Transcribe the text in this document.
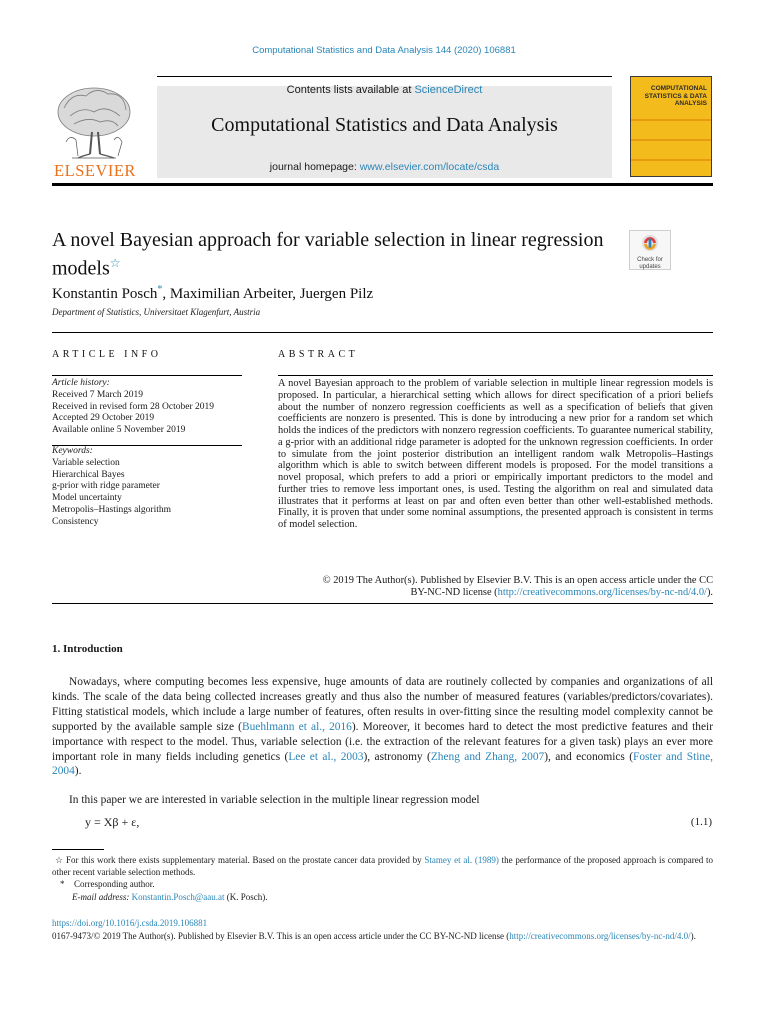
Computational Statistics and Data Analysis 144 (2020) 106881
Contents lists available at ScienceDirect
Computational Statistics and Data Analysis
journal homepage: www.elsevier.com/locate/csda
ELSEVIER
COMPUTATIONAL STATISTICS & DATA ANALYSIS
A novel Bayesian approach for variable selection in linear regression models☆	Check for
updates
Konstantin Posch*, Maximilian Arbeiter, Juergen Pilz
Department of Statistics, Universitaet Klagenfurt, Austria
ARTICLE INFO	ABSTRACT
Article history:
Received 7 March 2019
Received in revised form 28 October 2019
Accepted 29 October 2019
Available online 5 November 2019
Keywords:
Variable selection
Hierarchical Bayes
g-prior with ridge parameter
Model uncertainty
Metropolis–Hastings algorithm
Consistency
A novel Bayesian approach to the problem of variable selection in multiple linear regression models is proposed. In particular, a hierarchical setting which allows for direct specification of a priori beliefs about the number of nonzero regression coefficients as well as a specification of beliefs that given coefficients are nonzero is presented. This is done by introducing a new prior for a random set which holds the indices of the predictors with nonzero regression coefficients. To guarantee numerical stability, a g-prior with an additional ridge parameter is adopted for the unknown regression coefficients. In order to simulate from the joint posterior distribution an intelligent random walk Metropolis–Hastings algorithm which is able to switch between different models is proposed. For the model transitions a novel proposal, which prefers to add a priori or empirically important predictors to the model and further tries to remove less important ones, is used. Testing the algorithm on real and simulated data illustrates that it performs at least on par and often even better than other well-established methods. Finally, it is proven that under some nominal assumptions, the presented approach is consistent in terms of model selection.
© 2019 The Author(s). Published by Elsevier B.V. This is an open access article under the CC
BY-NC-ND license (http://creativecommons.org/licenses/by-nc-nd/4.0/).
1. Introduction
Nowadays, where computing becomes less expensive, huge amounts of data are routinely collected by companies and organizations of all kinds. The scale of the data being collected increases greatly and thus also the number of measured features (variables/predictors/covariates). Fitting statistical models, which include a large number of features, often results in over-fitting since the resulting model complexity cannot be supported by the available sample size (Buehlmann et al., 2016). Moreover, it becomes hard to detect the most predictive features and their importance with respect to the model. Thus, variable selection (i.e. the extraction of the relevant features for a given task) plays an ever more important role in many fields including genetics (Lee et al., 2003), astronomy (Zheng and Zhang, 2007), and economics (Foster and Stine, 2004).
In this paper we are interested in variable selection in the multiple linear regression model
y = Xβ + ε,	(1.1)
☆ For this work there exists supplementary material. Based on the prostate cancer data provided by Stamey et al. (1989) the performance of the proposed approach is compared to other recent variable selection methods.
* Corresponding author.
E-mail address: Konstantin.Posch@aau.at (K. Posch).
https://doi.org/10.1016/j.csda.2019.106881
0167-9473/© 2019 The Author(s). Published by Elsevier B.V. This is an open access article under the CC BY-NC-ND license (http://creativecommons.org/licenses/by-nc-nd/4.0/).
